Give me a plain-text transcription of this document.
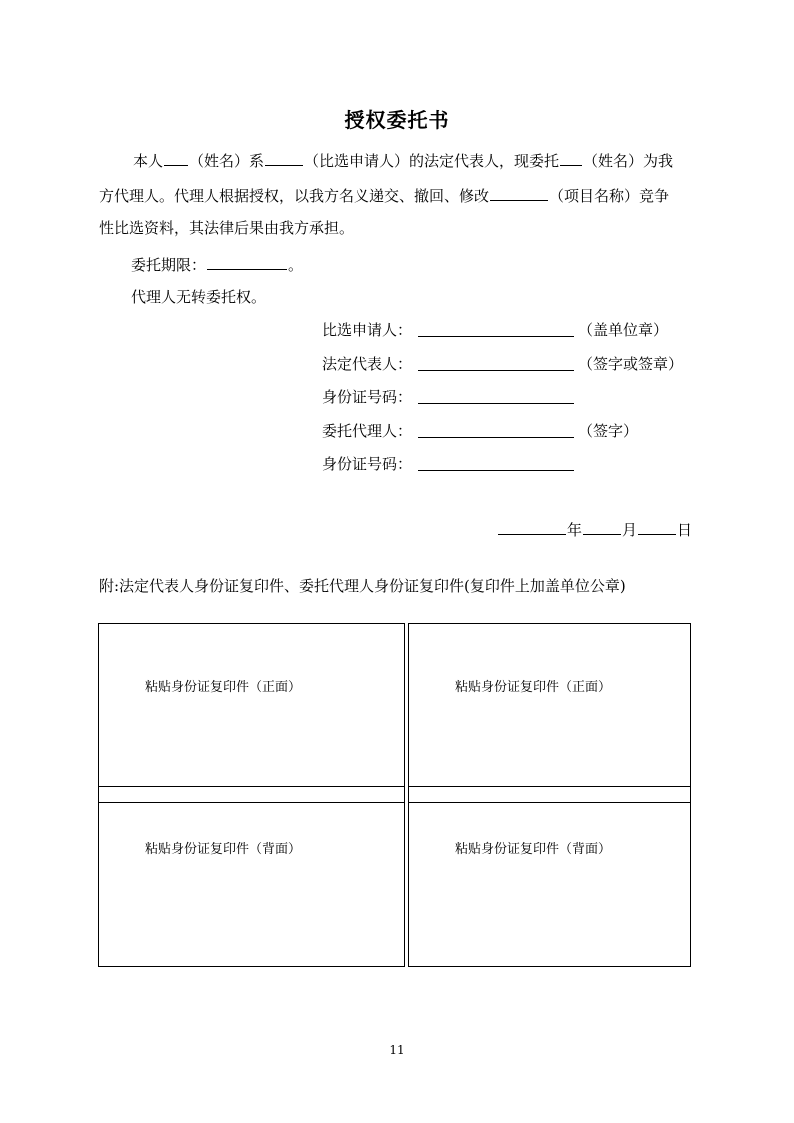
授权委托书
本人 （姓名）系	（比选申请人）的法定代表人，现委托 （姓名）为我
方代理人。代理人根据授权，以我方名义递交、撤回、修改	（项目名称）竞争
性比选资料，其法律后果由我方承担。
委托期限：	。
代理人无转委托权。
比选申请人：	（盖单位章）
法定代表人：	（签字或签章）
身份证号码：
委托代理人：	（签字）
身份证号码：
年	月	日
附:法定代表人身份证复印件、委托代理人身份证复印件(复印件上加盖单位公章)
粘贴身份证复印件（正面）	粘贴身份证复印件（正面）
粘贴身份证复印件（背面）	粘贴身份证复印件（背面）
11
